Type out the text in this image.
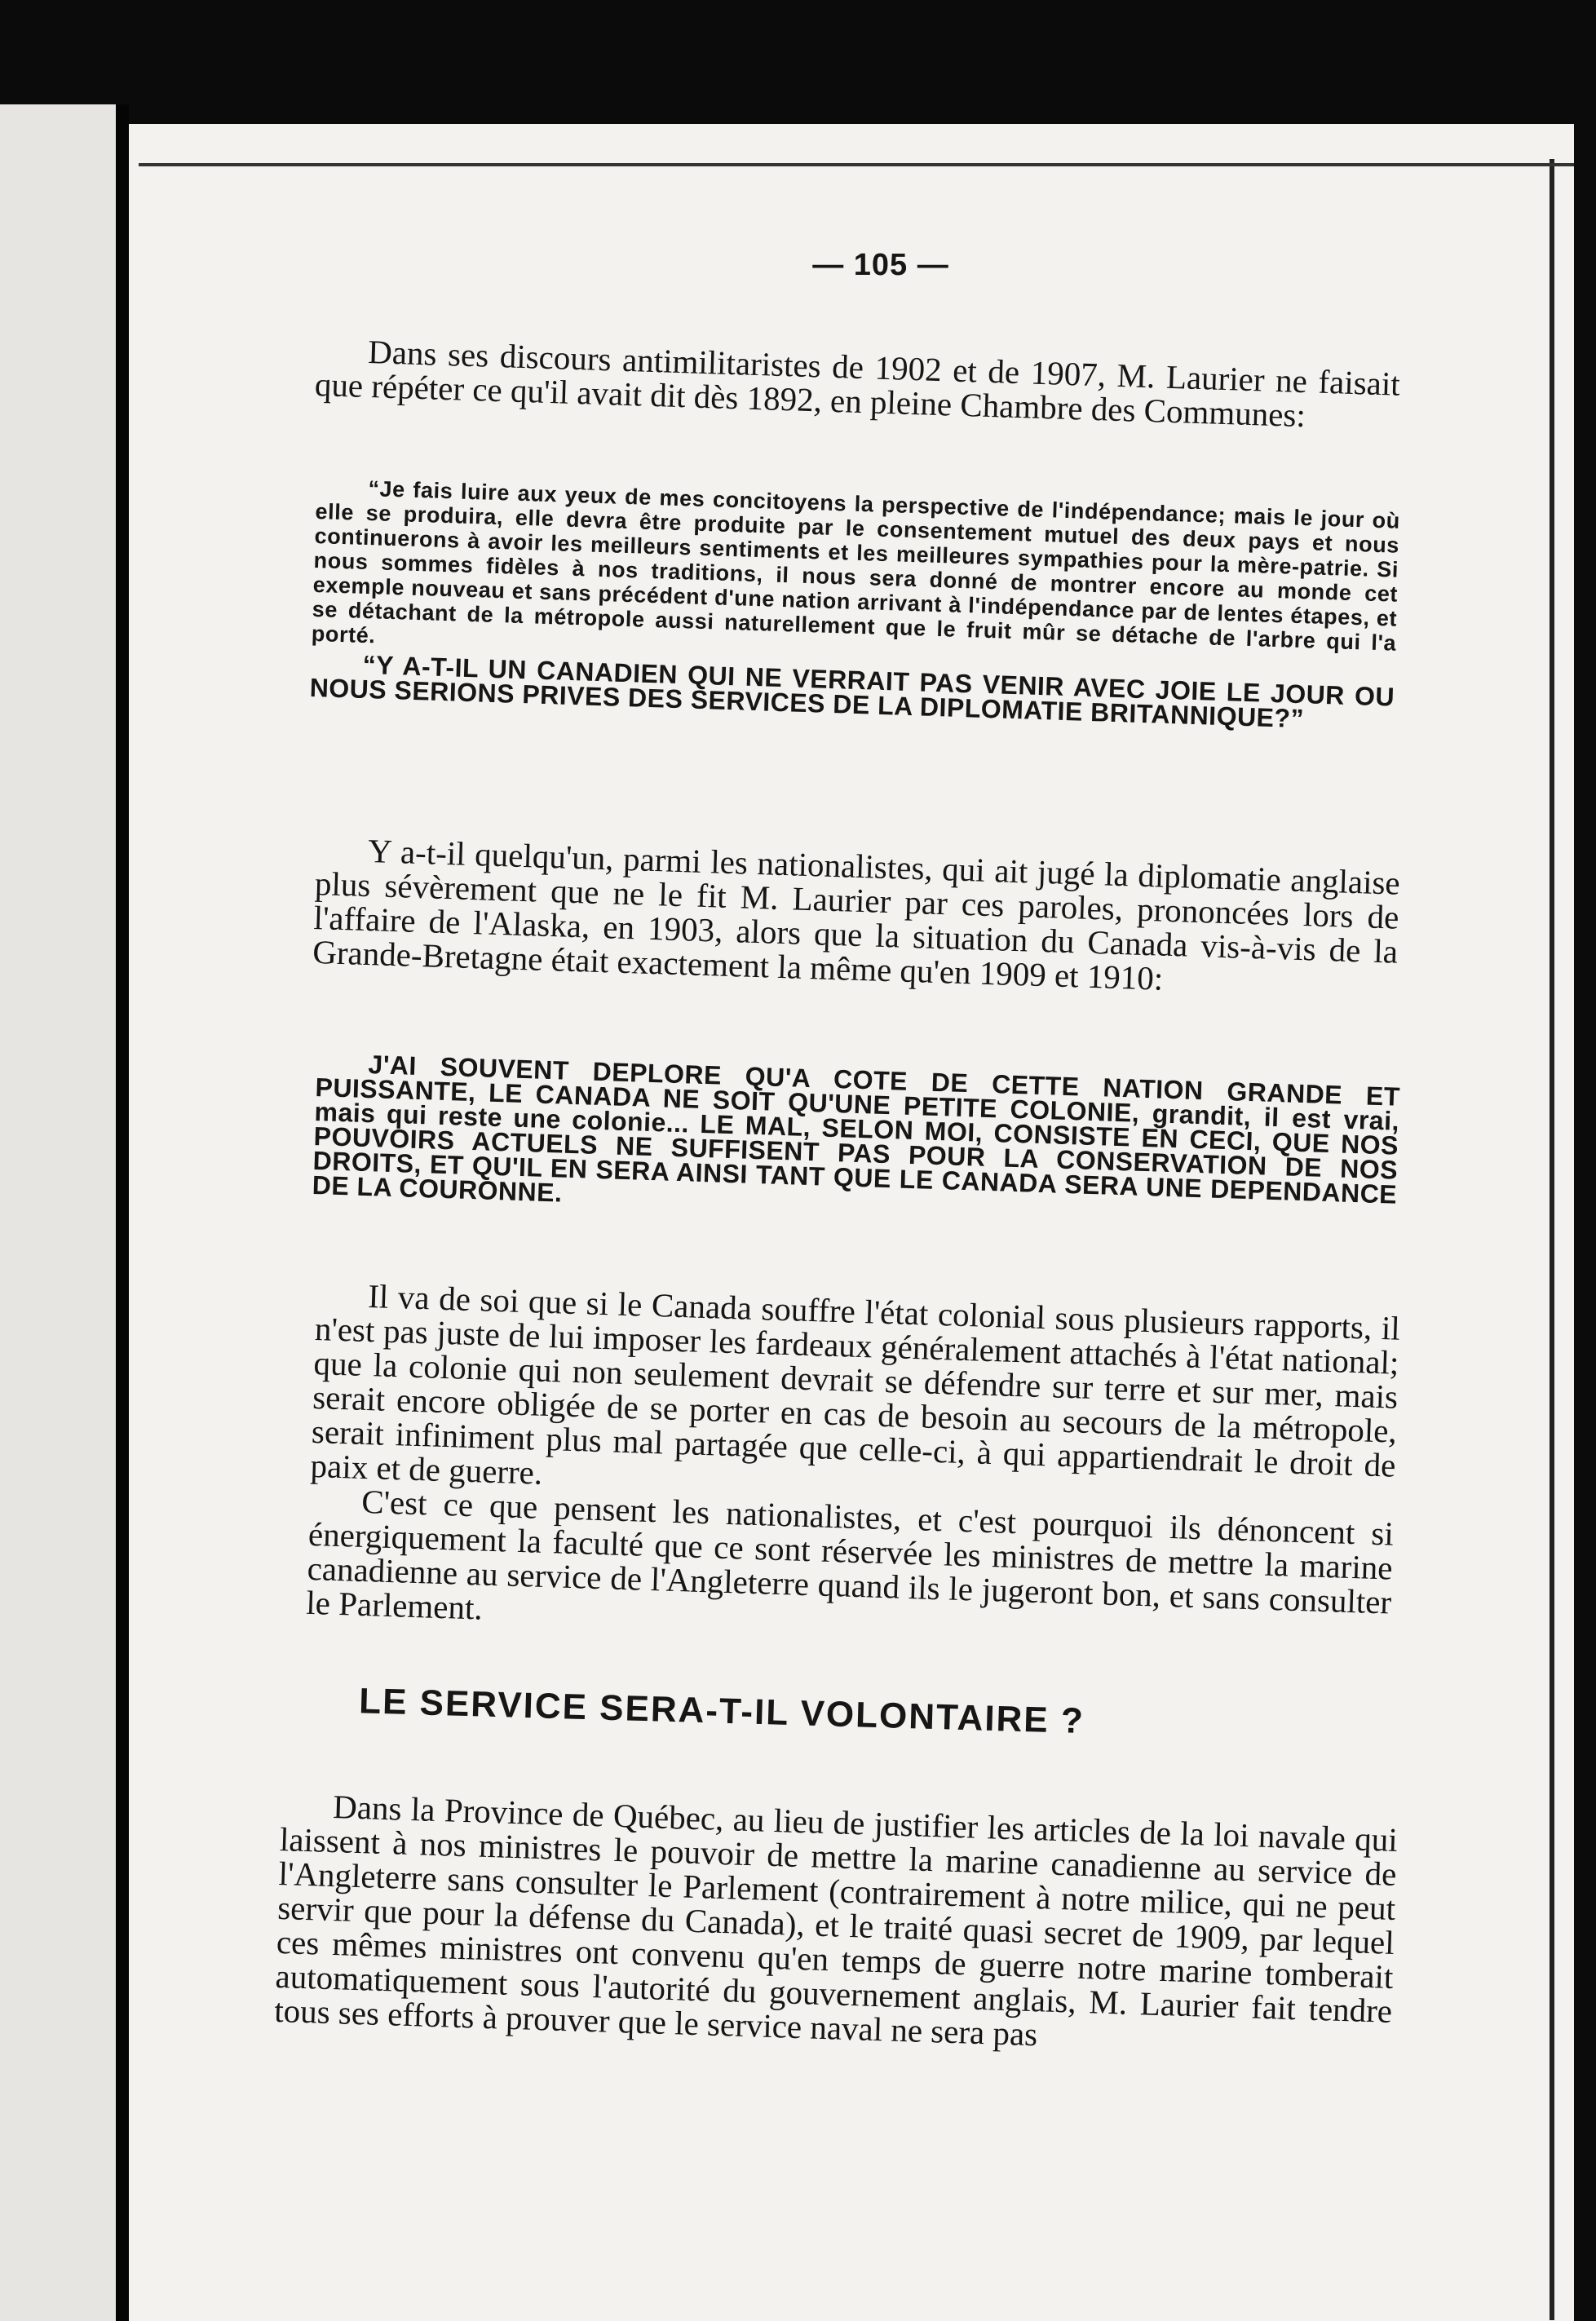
— 105 —

Dans ses discours antimilitaristes de 1902 et de 1907, M. Laurier ne faisait que répéter ce qu'il avait dit dès 1892, en pleine Chambre des Communes:

“Je fais luire aux yeux de mes concitoyens la perspective de l'indépendance; mais le jour où elle se produira, elle devra être produite par le consentement mutuel des deux pays et nous continuerons à avoir les meilleurs sentiments et les meilleures sympathies pour la mère-patrie. Si nous sommes fidèles à nos traditions, il nous sera donné de montrer encore au monde cet exemple nouveau et sans précédent d'une nation arrivant à l'indépendance par de lentes étapes, et se détachant de la métropole aussi naturellement que le fruit mûr se détache de l'arbre qui l'a porté.

“Y A-T-IL UN CANADIEN QUI NE VERRAIT PAS VENIR AVEC JOIE LE JOUR OU NOUS SERIONS PRIVES DES SERVICES DE LA DIPLOMATIE BRITANNIQUE?”

Y a-t-il quelqu'un, parmi les nationalistes, qui ait jugé la diplomatie anglaise plus sévèrement que ne le fit M. Laurier par ces paroles, prononcées lors de l'affaire de l'Alaska, en 1903, alors que la situation du Canada vis-à-vis de la Grande-Bretagne était exactement la même qu'en 1909 et 1910:

J'AI SOUVENT DEPLORE QU'A COTE DE CETTE NATION GRANDE ET PUISSANTE, LE CANADA NE SOIT QU'UNE PETITE COLONIE, grandit, il est vrai, mais qui reste une colonie... LE MAL, SELON MOI, CONSISTE EN CECI, QUE NOS POUVOIRS ACTUELS NE SUFFISENT PAS POUR LA CONSERVATION DE NOS DROITS, ET QU'IL EN SERA AINSI TANT QUE LE CANADA SERA UNE DEPENDANCE DE LA COURONNE.

Il va de soi que si le Canada souffre l'état colonial sous plusieurs rapports, il n'est pas juste de lui imposer les fardeaux généralement attachés à l'état national; que la colonie qui non seulement devrait se défendre sur terre et sur mer, mais serait encore obligée de se porter en cas de besoin au secours de la métropole, serait infiniment plus mal partagée que celle-ci, à qui appartiendrait le droit de paix et de guerre.

C'est ce que pensent les nationalistes, et c'est pourquoi ils dénoncent si énergiquement la faculté que ce sont réservée les ministres de mettre la marine canadienne au service de l'Angleterre quand ils le jugeront bon, et sans consulter le Parlement.

LE SERVICE SERA-T-IL VOLONTAIRE ?

Dans la Province de Québec, au lieu de justifier les articles de la loi navale qui laissent à nos ministres le pouvoir de mettre la marine canadienne au service de l'Angleterre sans consulter le Parlement (contrairement à notre milice, qui ne peut servir que pour la défense du Canada), et le traité quasi secret de 1909, par lequel ces mêmes ministres ont convenu qu'en temps de guerre notre marine tomberait automatiquement sous l'autorité du gouvernement anglais, M. Laurier fait tendre tous ses efforts à prouver que le service naval ne sera pas
